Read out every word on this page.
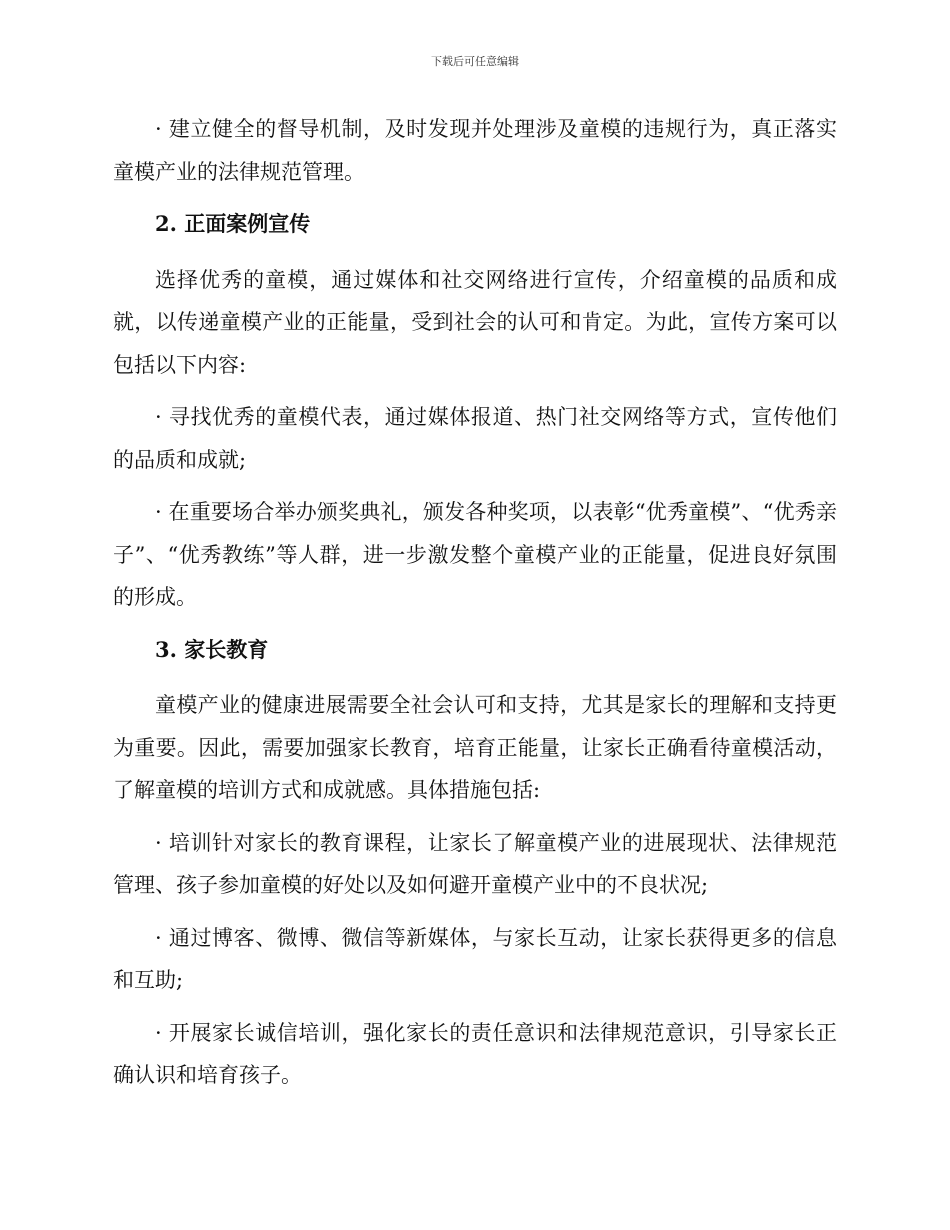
下载后可任意编辑

· 建立健全的督导机制，及时发现并处理涉及童模的违规行为，真正落实童模产业的法律规范管理。

2. 正面案例宣传

选择优秀的童模，通过媒体和社交网络进行宣传，介绍童模的品质和成就，以传递童模产业的正能量，受到社会的认可和肯定。为此，宣传方案可以包括以下内容:

· 寻找优秀的童模代表，通过媒体报道、热门社交网络等方式，宣传他们的品质和成就;

· 在重要场合举办颁奖典礼，颁发各种奖项，以表彰“优秀童模”、“优秀亲子”、“优秀教练”等人群，进一步激发整个童模产业的正能量，促进良好氛围的形成。

3. 家长教育

童模产业的健康进展需要全社会认可和支持，尤其是家长的理解和支持更为重要。因此，需要加强家长教育，培育正能量，让家长正确看待童模活动，了解童模的培训方式和成就感。具体措施包括:

· 培训针对家长的教育课程，让家长了解童模产业的进展现状、法律规范管理、孩子参加童模的好处以及如何避开童模产业中的不良状况;

· 通过博客、微博、微信等新媒体，与家长互动，让家长获得更多的信息和互助;

· 开展家长诚信培训，强化家长的责任意识和法律规范意识，引导家长正确认识和培育孩子。
